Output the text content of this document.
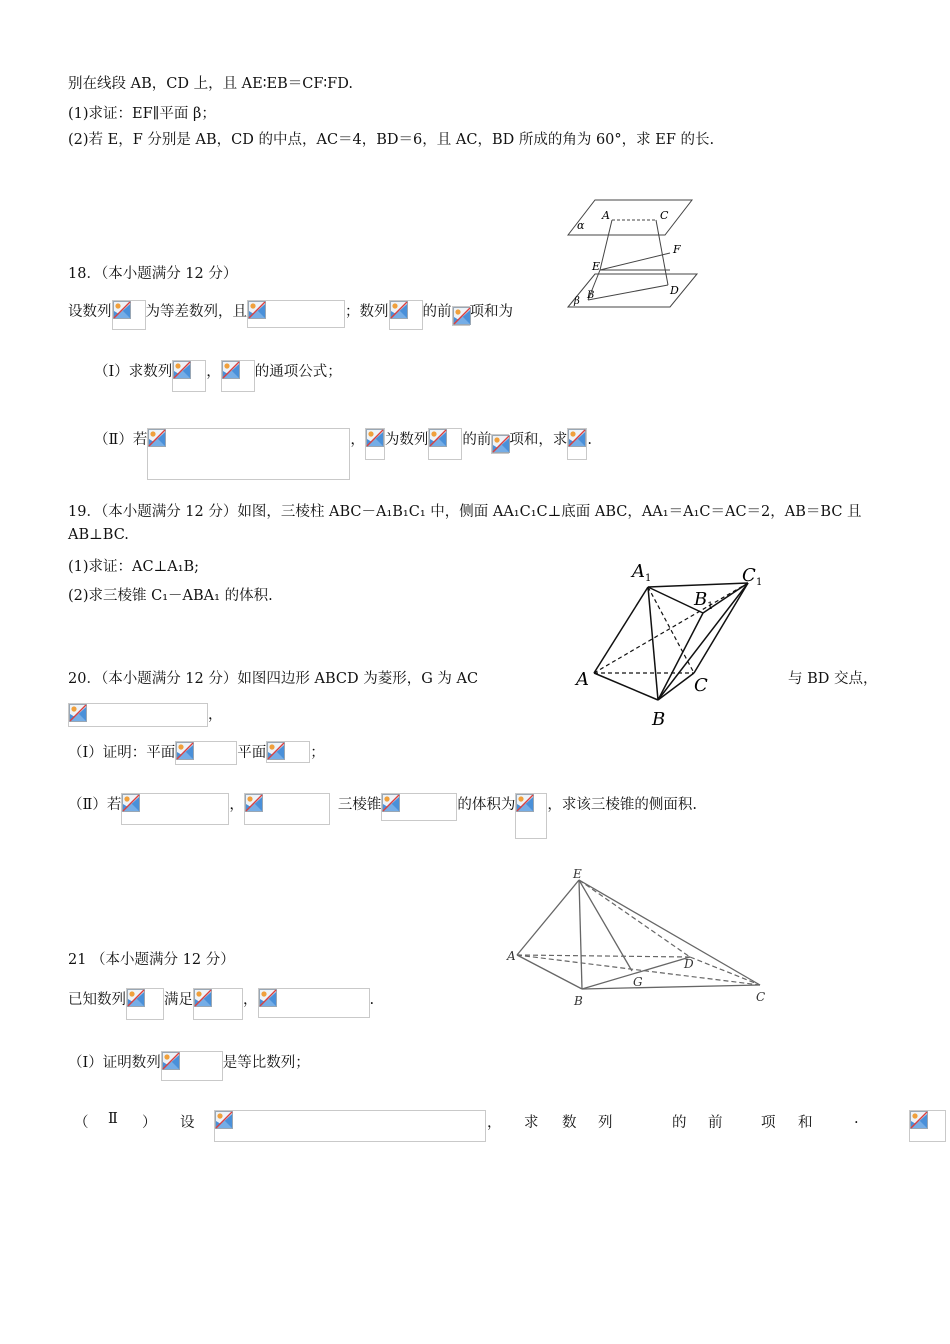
别在线段 AB，CD 上，且 AE∶EB＝CF∶FD.
(1)求证：EF∥平面 β；
(2)若 E，F 分别是 AB，CD 的中点，AC＝4，BD＝6，且 AC，BD 所成的角为 60°，求 EF 的长.
A	C
α
F
E
B
β
D
18．（本小题满分 12 分）
设数列 为等差数列，且	；数列 的前 项和为
（Ⅰ）求数列 ， 的通项公式；
（Ⅱ）若	， 为数列 的前 项和，求 .
19．（本小题满分 12 分）如图，三棱柱 ABC－A₁B₁C₁ 中，侧面 AA₁C₁C⊥底面 ABC，AA₁＝A₁C＝AC＝2，AB＝BC 且
AB⊥BC.
(1)求证：AC⊥A₁B;
(2)求三棱锥 C₁－ABA₁ 的体积.
A 1	C 1
B 1
A	C
B
20．（本小题满分 12 分）如图四边形 ABCD 为菱形，G 为 AC	与 BD 交点，
，
（Ⅰ）证明：平面	平面	；
（Ⅱ）若	，	三棱锥	的体积为 ，求该三棱锥的侧面积.
E
A
D
G
B	C
21 （本小题满分 12 分）
已知数列	满足	，	.
（Ⅰ）证明数列	是等比数列；
（ Ⅱ ） 设
	， 求 数 列
	的 前
	项 和	.
